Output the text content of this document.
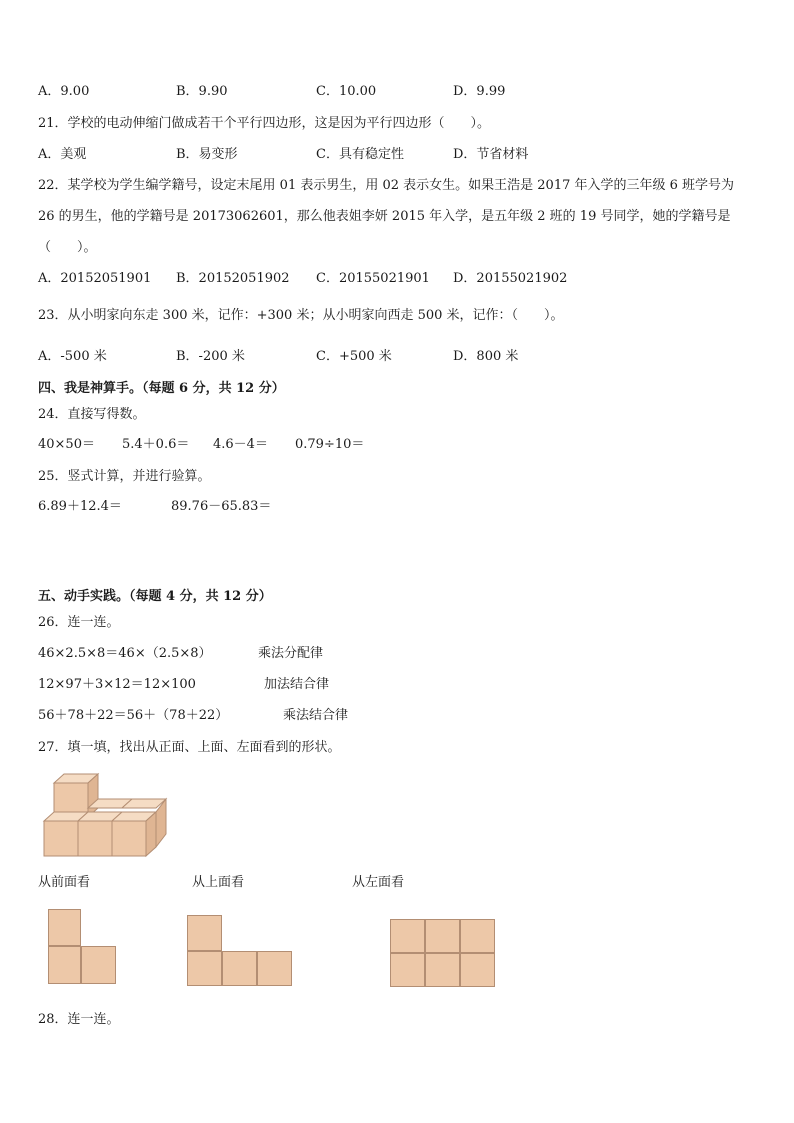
A．9.00	B．9.90	C．10.00	D．9.99
21．学校的电动伸缩门做成若干个平行四边形，这是因为平行四边形（　　）。
A．美观	B．易变形	C．具有稳定性	D．节省材料
22．某学校为学生编学籍号，设定末尾用 01 表示男生，用 02 表示女生。如果王浩是 2017 年入学的三年级 6 班学号为
26 的男生，他的学籍号是 20173062601，那么他表姐李妍 2015 年入学，是五年级 2 班的 19 号同学，她的学籍号是
（　　）。
A．20152051901 B．20152051902 C．20155021901 D．20155021902
23．从小明家向东走 300 米，记作：+300 米；从小明家向西走 500 米，记作：（　　）。
A．-500 米	B．-200 米	C．+500 米	D．800 米
四、我是神算手。（每题 6 分，共 12 分）
24．直接写得数。
40×50＝ 5.4＋0.6＝ 4.6－4＝ 0.79÷10＝
25．竖式计算，并进行验算。
6.89＋12.4＝	89.76－65.83＝
五、动手实践。（每题 4 分，共 12 分）
26．连一连。
46×2.5×8＝46×（2.5×8）	乘法分配律
12×97＋3×12＝12×100	加法结合律
56＋78＋22＝56＋（78＋22）	乘法结合律
27．填一填，找出从正面、上面、左面看到的形状。
从前面看	从上面看	从左面看
28．连一连。
